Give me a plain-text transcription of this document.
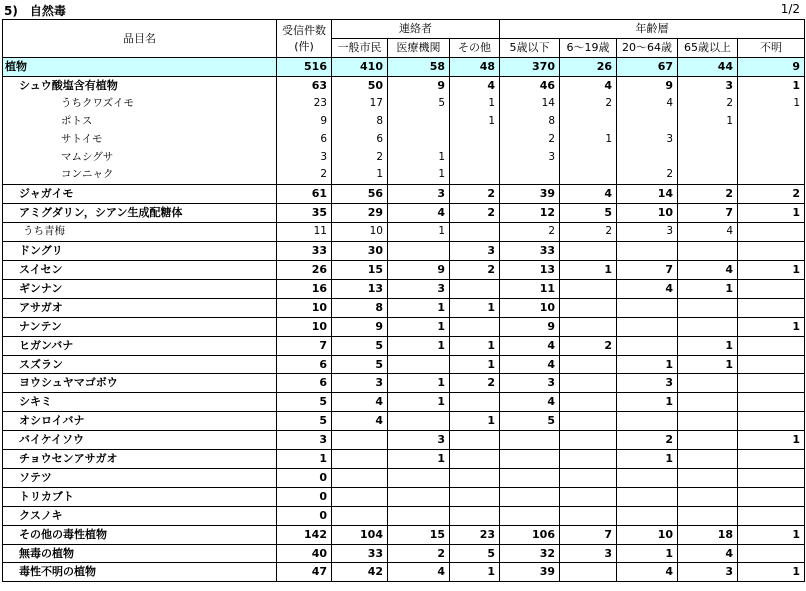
5)　自然毒	1/2
品目名	受信件数
(件)	連絡者			年齢層				
		一般市民	医療機関	その他	5歳以下	6～19歳	20～64歳	65歳以上	不明
植物	516	410	58	48	370	26	67	44	9
シュウ酸塩含有植物	63	50	9	4	46	4	9	3	1
うちクワズイモ	23	17	5	1	14	2	4	2	1
ポトス	9	8		1	8			1	
サトイモ	6	6			2	1	3		
マムシグサ	3	2	1		3				
コンニャク	2	1	1				2		
ジャガイモ	61	56	3	2	39	4	14	2	2
アミグダリン，シアン生成配糖体	35	29	4	2	12	5	10	7	1
うち青梅	11	10	1		2	2	3	4	
ドングリ	33	30		3	33				
スイセン	26	15	9	2	13	1	7	4	1
ギンナン	16	13	3		11		4	1	
アサガオ	10	8	1	1	10				
ナンテン	10	9	1		9				1
ヒガンバナ	7	5	1	1	4	2		1	
スズラン	6	5		1	4		1	1	
ヨウシュヤマゴボウ	6	3	1	2	3		3		
シキミ	5	4	1		4		1		
オシロイバナ	5	4		1	5				
バイケイソウ	3		3				2		1
チョウセンアサガオ	1		1				1		
ソテツ	0								
トリカブト	0								
クスノキ	0								
その他の毒性植物	142	104	15	23	106	7	10	18	1
無毒の植物	40	33	2	5	32	3	1	4	
毒性不明の植物	47	42	4	1	39		4	3	1
